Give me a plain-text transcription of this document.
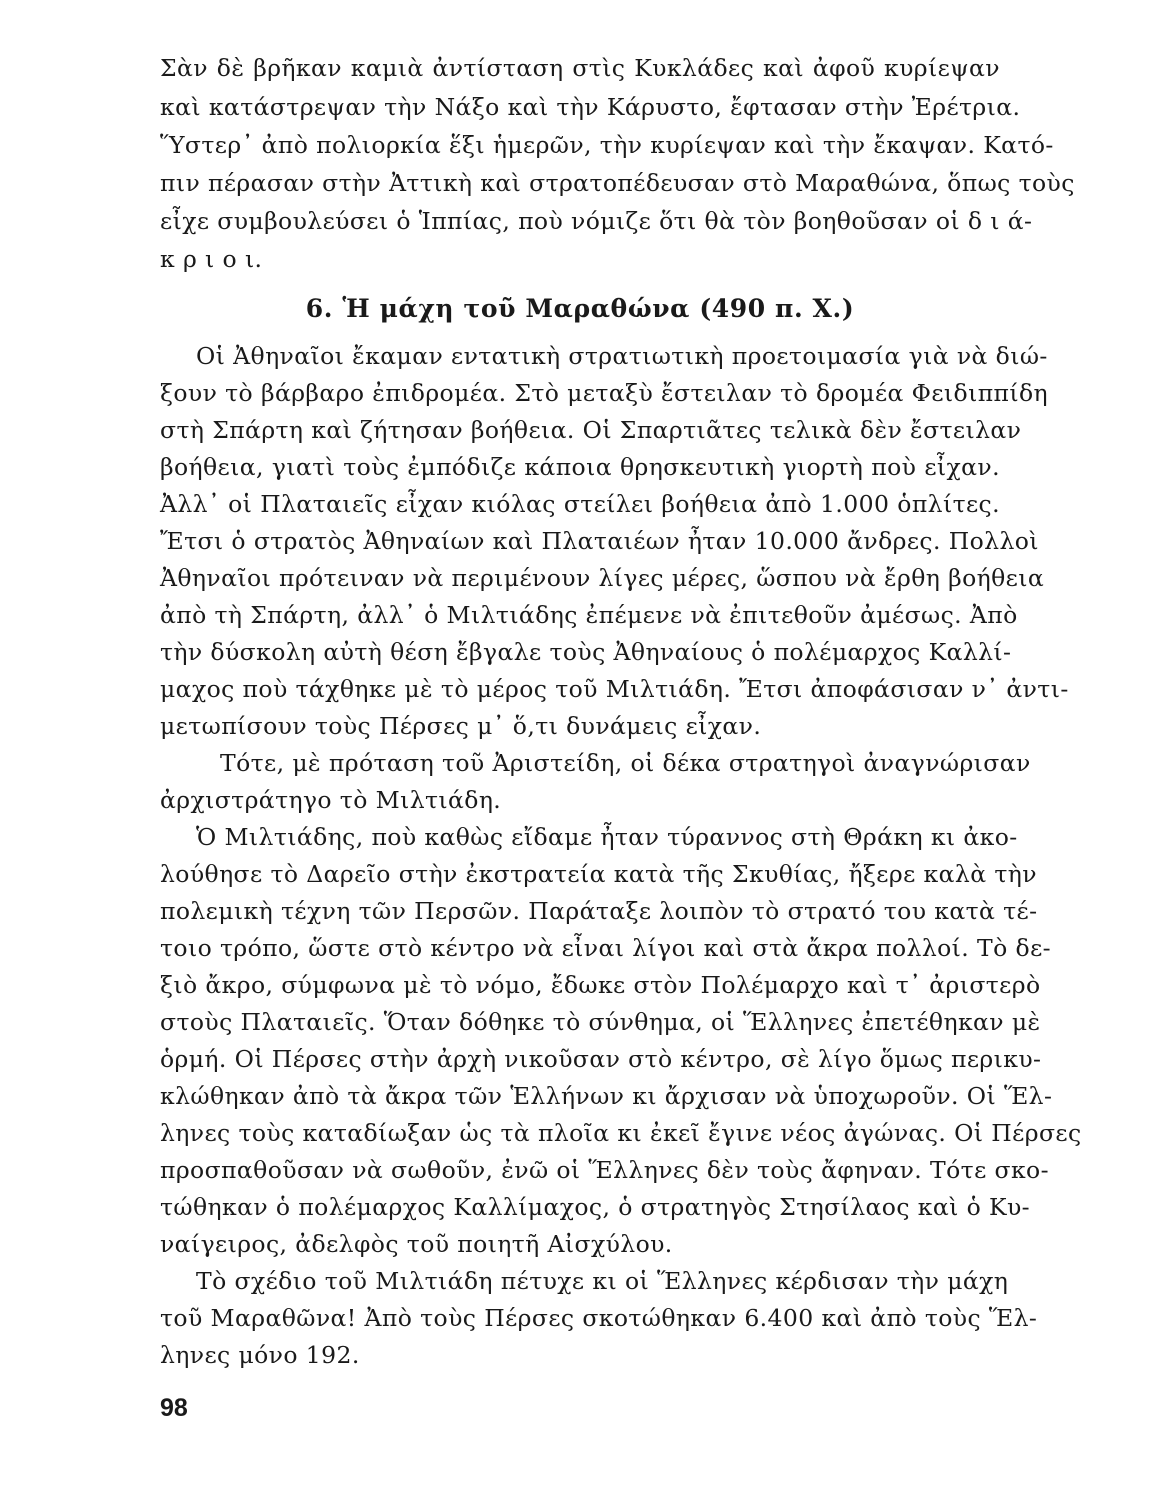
Σὰν δὲ βρῆκαν καμιὰ ἀντίσταση στὶς Κυκλάδες καὶ ἀφοῦ κυρίεψαν

καὶ κατάστρεψαν τὴν Νάξο καὶ τὴν Κάρυστο, ἔφτασαν στὴν Ἐρέτρια.

Ὕστερ᾽ ἀπὸ πολιορκία ἕξι ἡμερῶν, τὴν κυρίεψαν καὶ τὴν ἔκαψαν. Κατό-

πιν πέρασαν στὴν Ἀττικὴ καὶ στρατοπέδευσαν στὸ Μαραθώνα, ὅπως τοὺς

εἶχε συμβουλεύσει ὁ Ἱππίας, ποὺ νόμιζε ὅτι θὰ τὸν βοηθοῦσαν οἱ δ ι ά-

κ ρ ι ο ι.

6. Ἡ μάχη τοῦ Μαραθώνα (490 π. Χ.)

Οἱ Ἀθηναῖοι ἔκαμαν εντατικὴ στρατιωτικὴ προετοιμασία γιὰ νὰ διώ-

ξουν τὸ βάρβαρο ἐπιδρομέα. Στὸ μεταξὺ ἔστειλαν τὸ δρομέα Φειδιππίδη

στὴ Σπάρτη καὶ ζήτησαν βοήθεια. Οἱ Σπαρτιᾶτες τελικὰ δὲν ἔστειλαν

βοήθεια, γιατὶ τοὺς ἐμπόδιζε κάποια θρησκευτικὴ γιορτὴ ποὺ εἶχαν.

Ἀλλ᾽ οἱ Πλαταιεῖς εἶχαν κιόλας στείλει βοήθεια ἀπὸ 1.000 ὁπλίτες.

Ἔτσι ὁ στρατὸς Ἀθηναίων καὶ Πλαταιέων ἦταν 10.000 ἄνδρες. Πολλοὶ

Ἀθηναῖοι πρότειναν νὰ περιμένουν λίγες μέρες, ὥσπου νὰ ἔρθη βοήθεια

ἀπὸ τὴ Σπάρτη, ἀλλ᾽ ὁ Μιλτιάδης ἐπέμενε νὰ ἐπιτεθοῦν ἀμέσως. Ἀπὸ

τὴν δύσκολη αὐτὴ θέση ἔβγαλε τοὺς Ἀθηναίους ὁ πολέμαρχος Καλλί-

μαχος ποὺ τάχθηκε μὲ τὸ μέρος τοῦ Μιλτιάδη. Ἔτσι ἀποφάσισαν ν᾽ ἀντι-

μετωπίσουν τοὺς Πέρσες μ᾽ ὅ,τι δυνάμεις εἶχαν.

Τότε, μὲ πρόταση τοῦ Ἀριστείδη, οἱ δέκα στρατηγοὶ ἀναγνώρισαν

ἀρχιστράτηγο τὸ Μιλτιάδη.

Ὁ Μιλτιάδης, ποὺ καθὼς εἴδαμε ἦταν τύραννος στὴ Θράκη κι ἀκο-

λούθησε τὸ Δαρεῖο στὴν ἐκστρατεία κατὰ τῆς Σκυθίας, ἤξερε καλὰ τὴν

πολεμικὴ τέχνη τῶν Περσῶν. Παράταξε λοιπὸν τὸ στρατό του κατὰ τέ-

τοιο τρόπο, ὥστε στὸ κέντρο νὰ εἶναι λίγοι καὶ στὰ ἄκρα πολλοί. Τὸ δε-

ξιὸ ἄκρο, σύμφωνα μὲ τὸ νόμο, ἔδωκε στὸν Πολέμαρχο καὶ τ᾽ ἀριστερὸ

στοὺς Πλαταιεῖς. Ὅταν δόθηκε τὸ σύνθημα, οἱ Ἕλληνες ἐπετέθηκαν μὲ

ὁρμή. Οἱ Πέρσες στὴν ἀρχὴ νικοῦσαν στὸ κέντρο, σὲ λίγο ὅμως περικυ-

κλώθηκαν ἀπὸ τὰ ἄκρα τῶν Ἑλλήνων κι ἄρχισαν νὰ ὑποχωροῦν. Οἱ Ἕλ-

ληνες τοὺς καταδίωξαν ὡς τὰ πλοῖα κι ἐκεῖ ἔγινε νέος ἀγώνας. Οἱ Πέρσες

προσπαθοῦσαν νὰ σωθοῦν, ἐνῶ οἱ Ἕλληνες δὲν τοὺς ἄφηναν. Τότε σκο-

τώθηκαν ὁ πολέμαρχος Καλλίμαχος, ὁ στρατηγὸς Στησίλαος καὶ ὁ Κυ-

ναίγειρος, ἀδελφὸς τοῦ ποιητῆ Αἰσχύλου.

Τὸ σχέδιο τοῦ Μιλτιάδη πέτυχε κι οἱ Ἕλληνες κέρδισαν τὴν μάχη

τοῦ Μαραθῶνα! Ἀπὸ τοὺς Πέρσες σκοτώθηκαν 6.400 καὶ ἀπὸ τοὺς Ἕλ-

ληνες μόνο 192.

98
